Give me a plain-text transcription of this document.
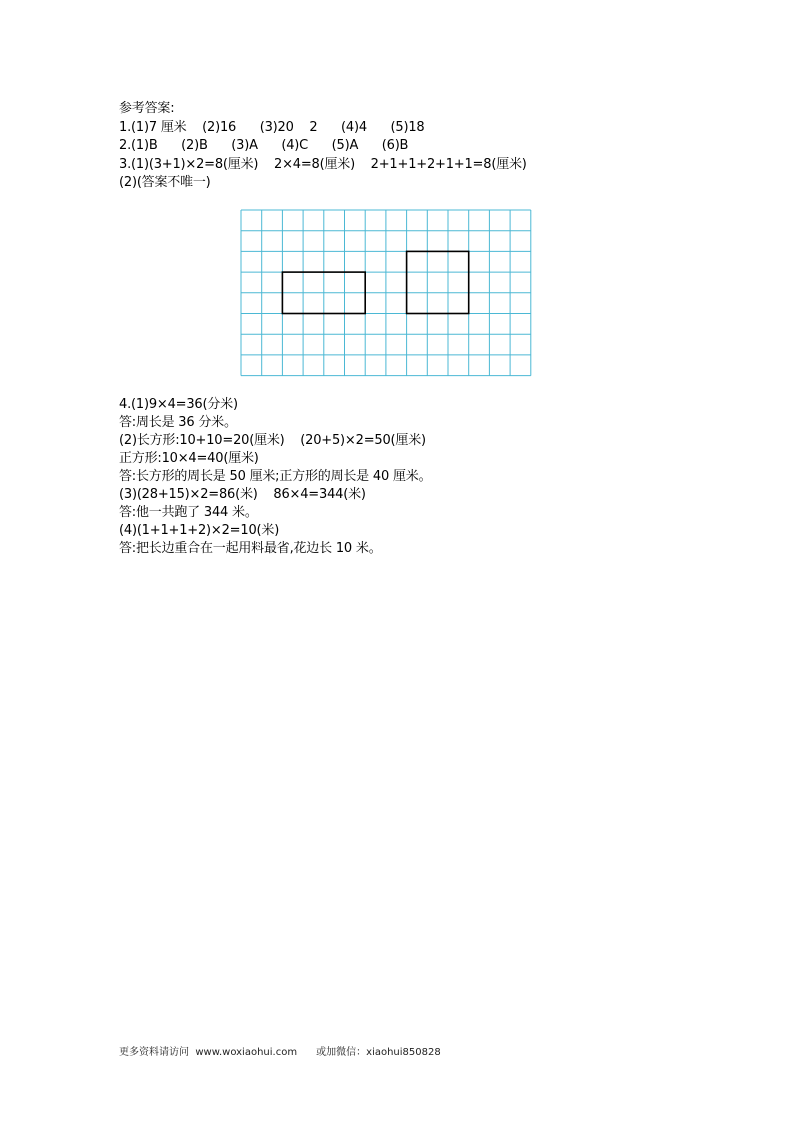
参考答案:
1.(1)7 厘米    (2)16      (3)20    2      (4)4      (5)18
2.(1)B      (2)B      (3)A      (4)C      (5)A      (6)B
3.(1)(3+1)×2=8(厘米)    2×4=8(厘米)    2+1+1+2+1+1=8(厘米)
(2)(答案不唯一)
4.(1)9×4=36(分米)
答:周长是 36 分米。
(2)长方形:10+10=20(厘米)    (20+5)×2=50(厘米)
正方形:10×4=40(厘米)
答:长方形的周长是 50 厘米;正方形的周长是 40 厘米。
(3)(28+15)×2=86(米)    86×4=344(米)
答:他一共跑了 344 米。
(4)(1+1+1+2)×2=10(米)
答:把长边重合在一起用料最省,花边长 10 米。
更多资料请访问  www.woxiaohui.com      或加微信：xiaohui850828
